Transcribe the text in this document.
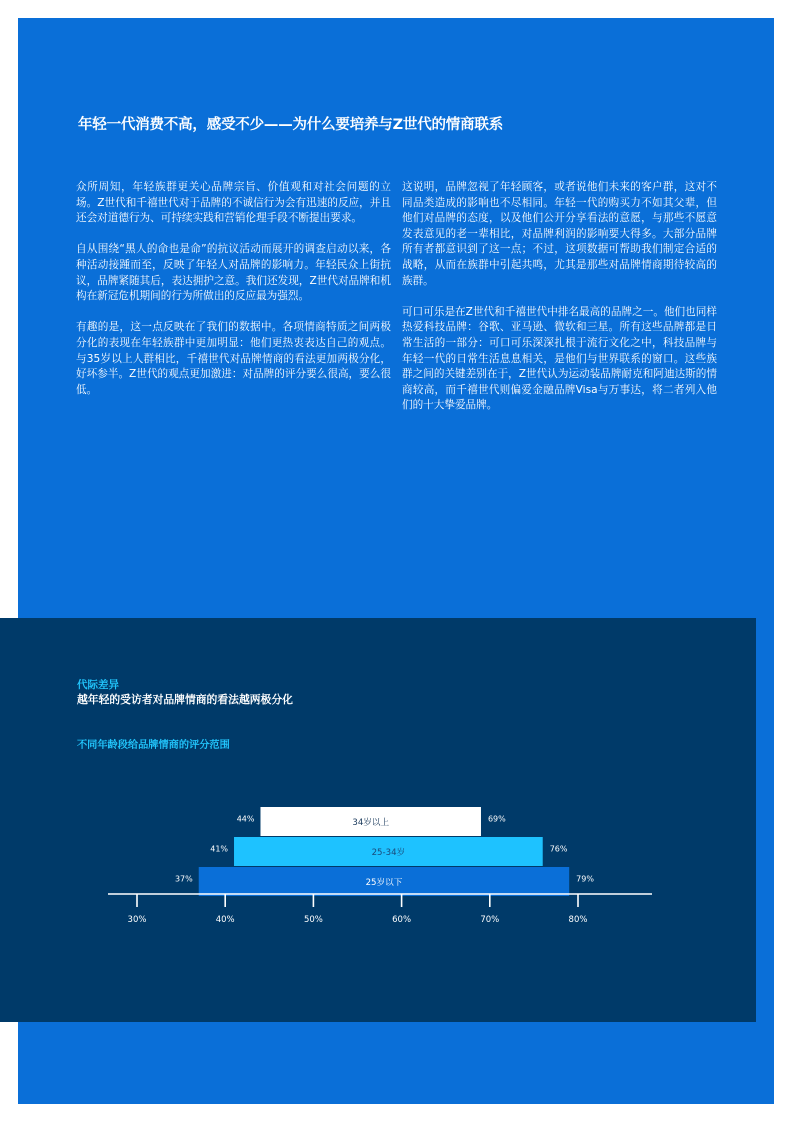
年轻一代消费不高，感受不少——为什么要培养与Z世代的情商联系

众所周知，年轻族群更关心品牌宗旨、价值观和对社会问题的立场。Z世代和千禧世代对于品牌的不诚信行为会有迅速的反应，并且还会对道德行为、可持续实践和营销伦理手段不断提出要求。

自从围绕“黑人的命也是命”的抗议活动而展开的调查启动以来，各种活动接踵而至，反映了年轻人对品牌的影响力。年轻民众上街抗议，品牌紧随其后，表达拥护之意。我们还发现，Z世代对品牌和机构在新冠危机期间的行为所做出的反应最为强烈。

有趣的是，这一点反映在了我们的数据中。各项情商特质之间两极分化的表现在年轻族群中更加明显：他们更热衷表达自己的观点。与35岁以上人群相比，千禧世代对品牌情商的看法更加两极分化，好坏参半。Z世代的观点更加激进：对品牌的评分要么很高，要么很低。

这说明，品牌忽视了年轻顾客，或者说他们未来的客户群，这对不同品类造成的影响也不尽相同。年轻一代的购买力不如其父辈，但他们对品牌的态度，以及他们公开分享看法的意愿，与那些不愿意发表意见的老一辈相比，对品牌利润的影响要大得多。大部分品牌所有者都意识到了这一点；不过，这项数据可帮助我们制定合适的战略，从而在族群中引起共鸣，尤其是那些对品牌情商期待较高的族群。

可口可乐是在Z世代和千禧世代中排名最高的品牌之一。他们也同样热爱科技品牌：谷歌、亚马逊、微软和三星。所有这些品牌都是日常生活的一部分：可口可乐深深扎根于流行文化之中，科技品牌与年轻一代的日常生活息息相关，是他们与世界联系的窗口。这些族群之间的关键差别在于，Z世代认为运动装品牌耐克和阿迪达斯的情商较高，而千禧世代则偏爱金融品牌Visa与万事达，将二者列入他们的十大挚爱品牌。

代际差异
越年轻的受访者对品牌情商的看法越两极分化
不同年龄段给品牌情商的评分范围
34岁以上
44%	69%
25-34岁
41%	76%
25岁以下
37%	79%
30%	40%	50%	60%	70%	80%
